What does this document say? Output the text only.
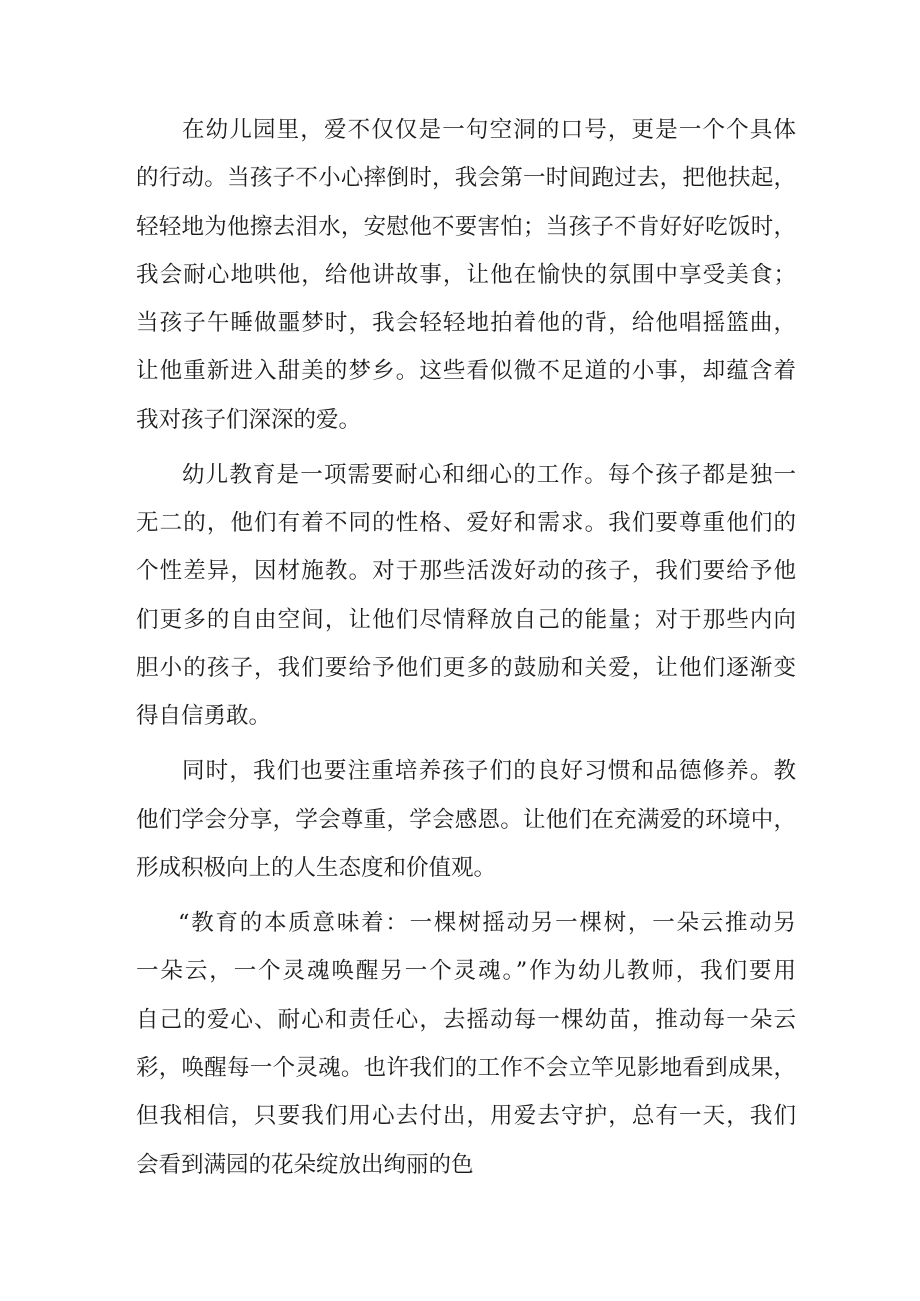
在幼儿园里，爱不仅仅是一句空洞的口号，更是一个个具体
的行动。当孩子不小心摔倒时，我会第一时间跑过去，把他扶起，
轻轻地为他擦去泪水，安慰他不要害怕；当孩子不肯好好吃饭时，
我会耐心地哄他，给他讲故事，让他在愉快的氛围中享受美食；
当孩子午睡做噩梦时，我会轻轻地拍着他的背，给他唱摇篮曲，
让他重新进入甜美的梦乡。这些看似微不足道的小事，却蕴含着
我对孩子们深深的爱。
幼儿教育是一项需要耐心和细心的工作。每个孩子都是独一
无二的，他们有着不同的性格、爱好和需求。我们要尊重他们的
个性差异，因材施教。对于那些活泼好动的孩子，我们要给予他
们更多的自由空间，让他们尽情释放自己的能量；对于那些内向
胆小的孩子，我们要给予他们更多的鼓励和关爱，让他们逐渐变
得自信勇敢。
同时，我们也要注重培养孩子们的良好习惯和品德修养。教
他们学会分享，学会尊重，学会感恩。让他们在充满爱的环境中，
形成积极向上的人生态度和价值观。
“教育的本质意味着：一棵树摇动另一棵树，一朵云推动另
一朵云，一个灵魂唤醒另一个灵魂。”作为幼儿教师，我们要用
自己的爱心、耐心和责任心，去摇动每一棵幼苗，推动每一朵云
彩，唤醒每一个灵魂。也许我们的工作不会立竿见影地看到成果，
但我相信，只要我们用心去付出，用爱去守护，总有一天，我们
会看到满园的花朵绽放出绚丽的色
